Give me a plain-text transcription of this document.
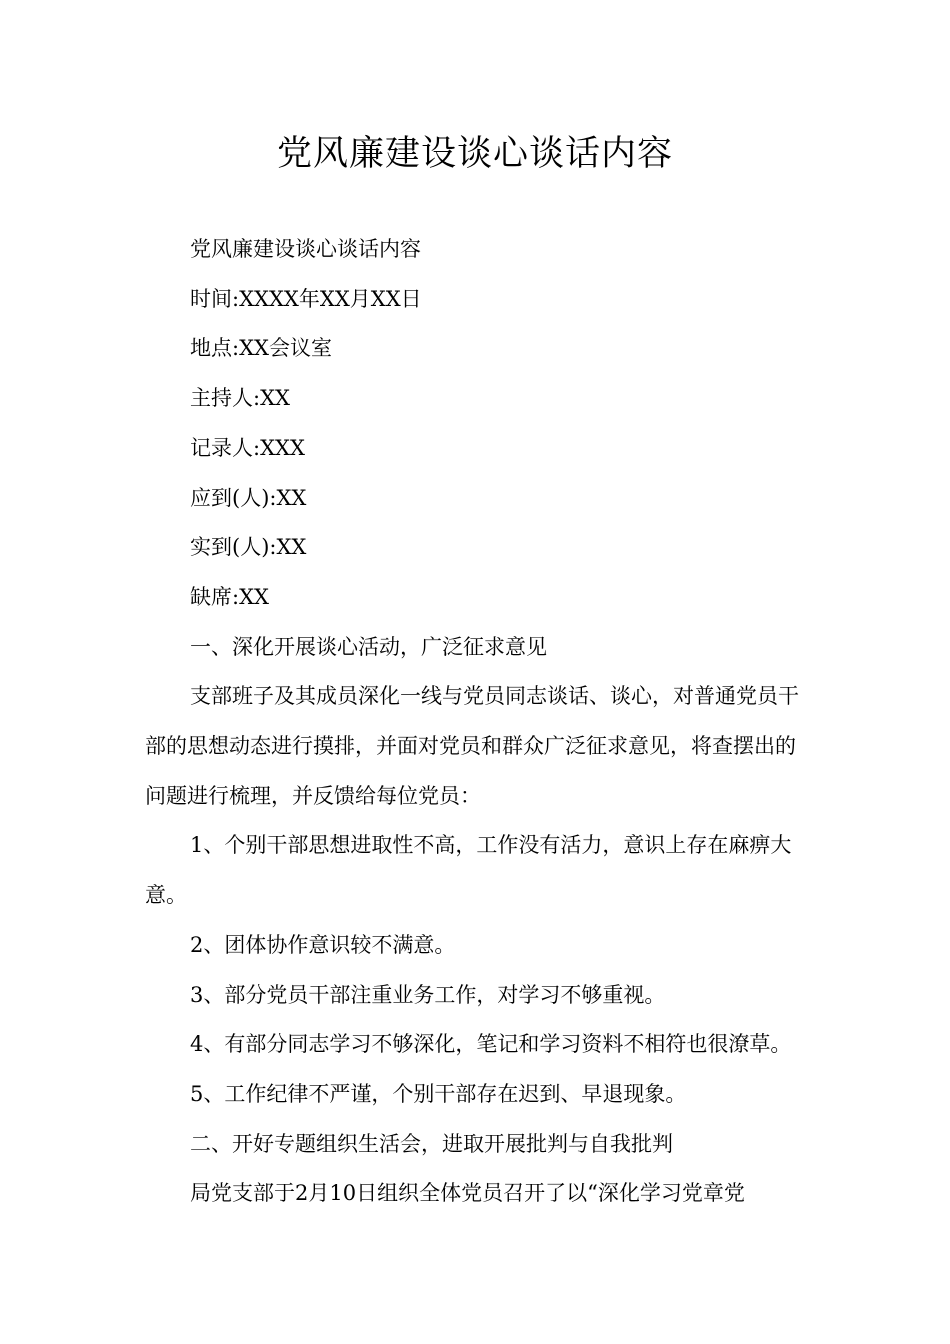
党风廉建设谈心谈话内容

党风廉建设谈心谈话内容

时间:XXXX年XX月XX日

地点:XX会议室

主持人:XX

记录人:XXX

应到(人):XX

实到(人):XX

缺席:XX

一、深化开展谈心活动，广泛征求意见

支部班子及其成员深化一线与党员同志谈话、谈心，对普通党员干部的思想动态进行摸排，并面对党员和群众广泛征求意见，将查摆出的问题进行梳理，并反馈给每位党员：

1、个别干部思想进取性不高，工作没有活力，意识上存在麻痹大意。

2、团体协作意识较不满意。

3、部分党员干部注重业务工作，对学习不够重视。

4、有部分同志学习不够深化，笔记和学习资料不相符也很潦草。

5、工作纪律不严谨，个别干部存在迟到、早退现象。

二、开好专题组织生活会，进取开展批判与自我批判

局党支部于2月10日组织全体党员召开了以“深化学习党章党
